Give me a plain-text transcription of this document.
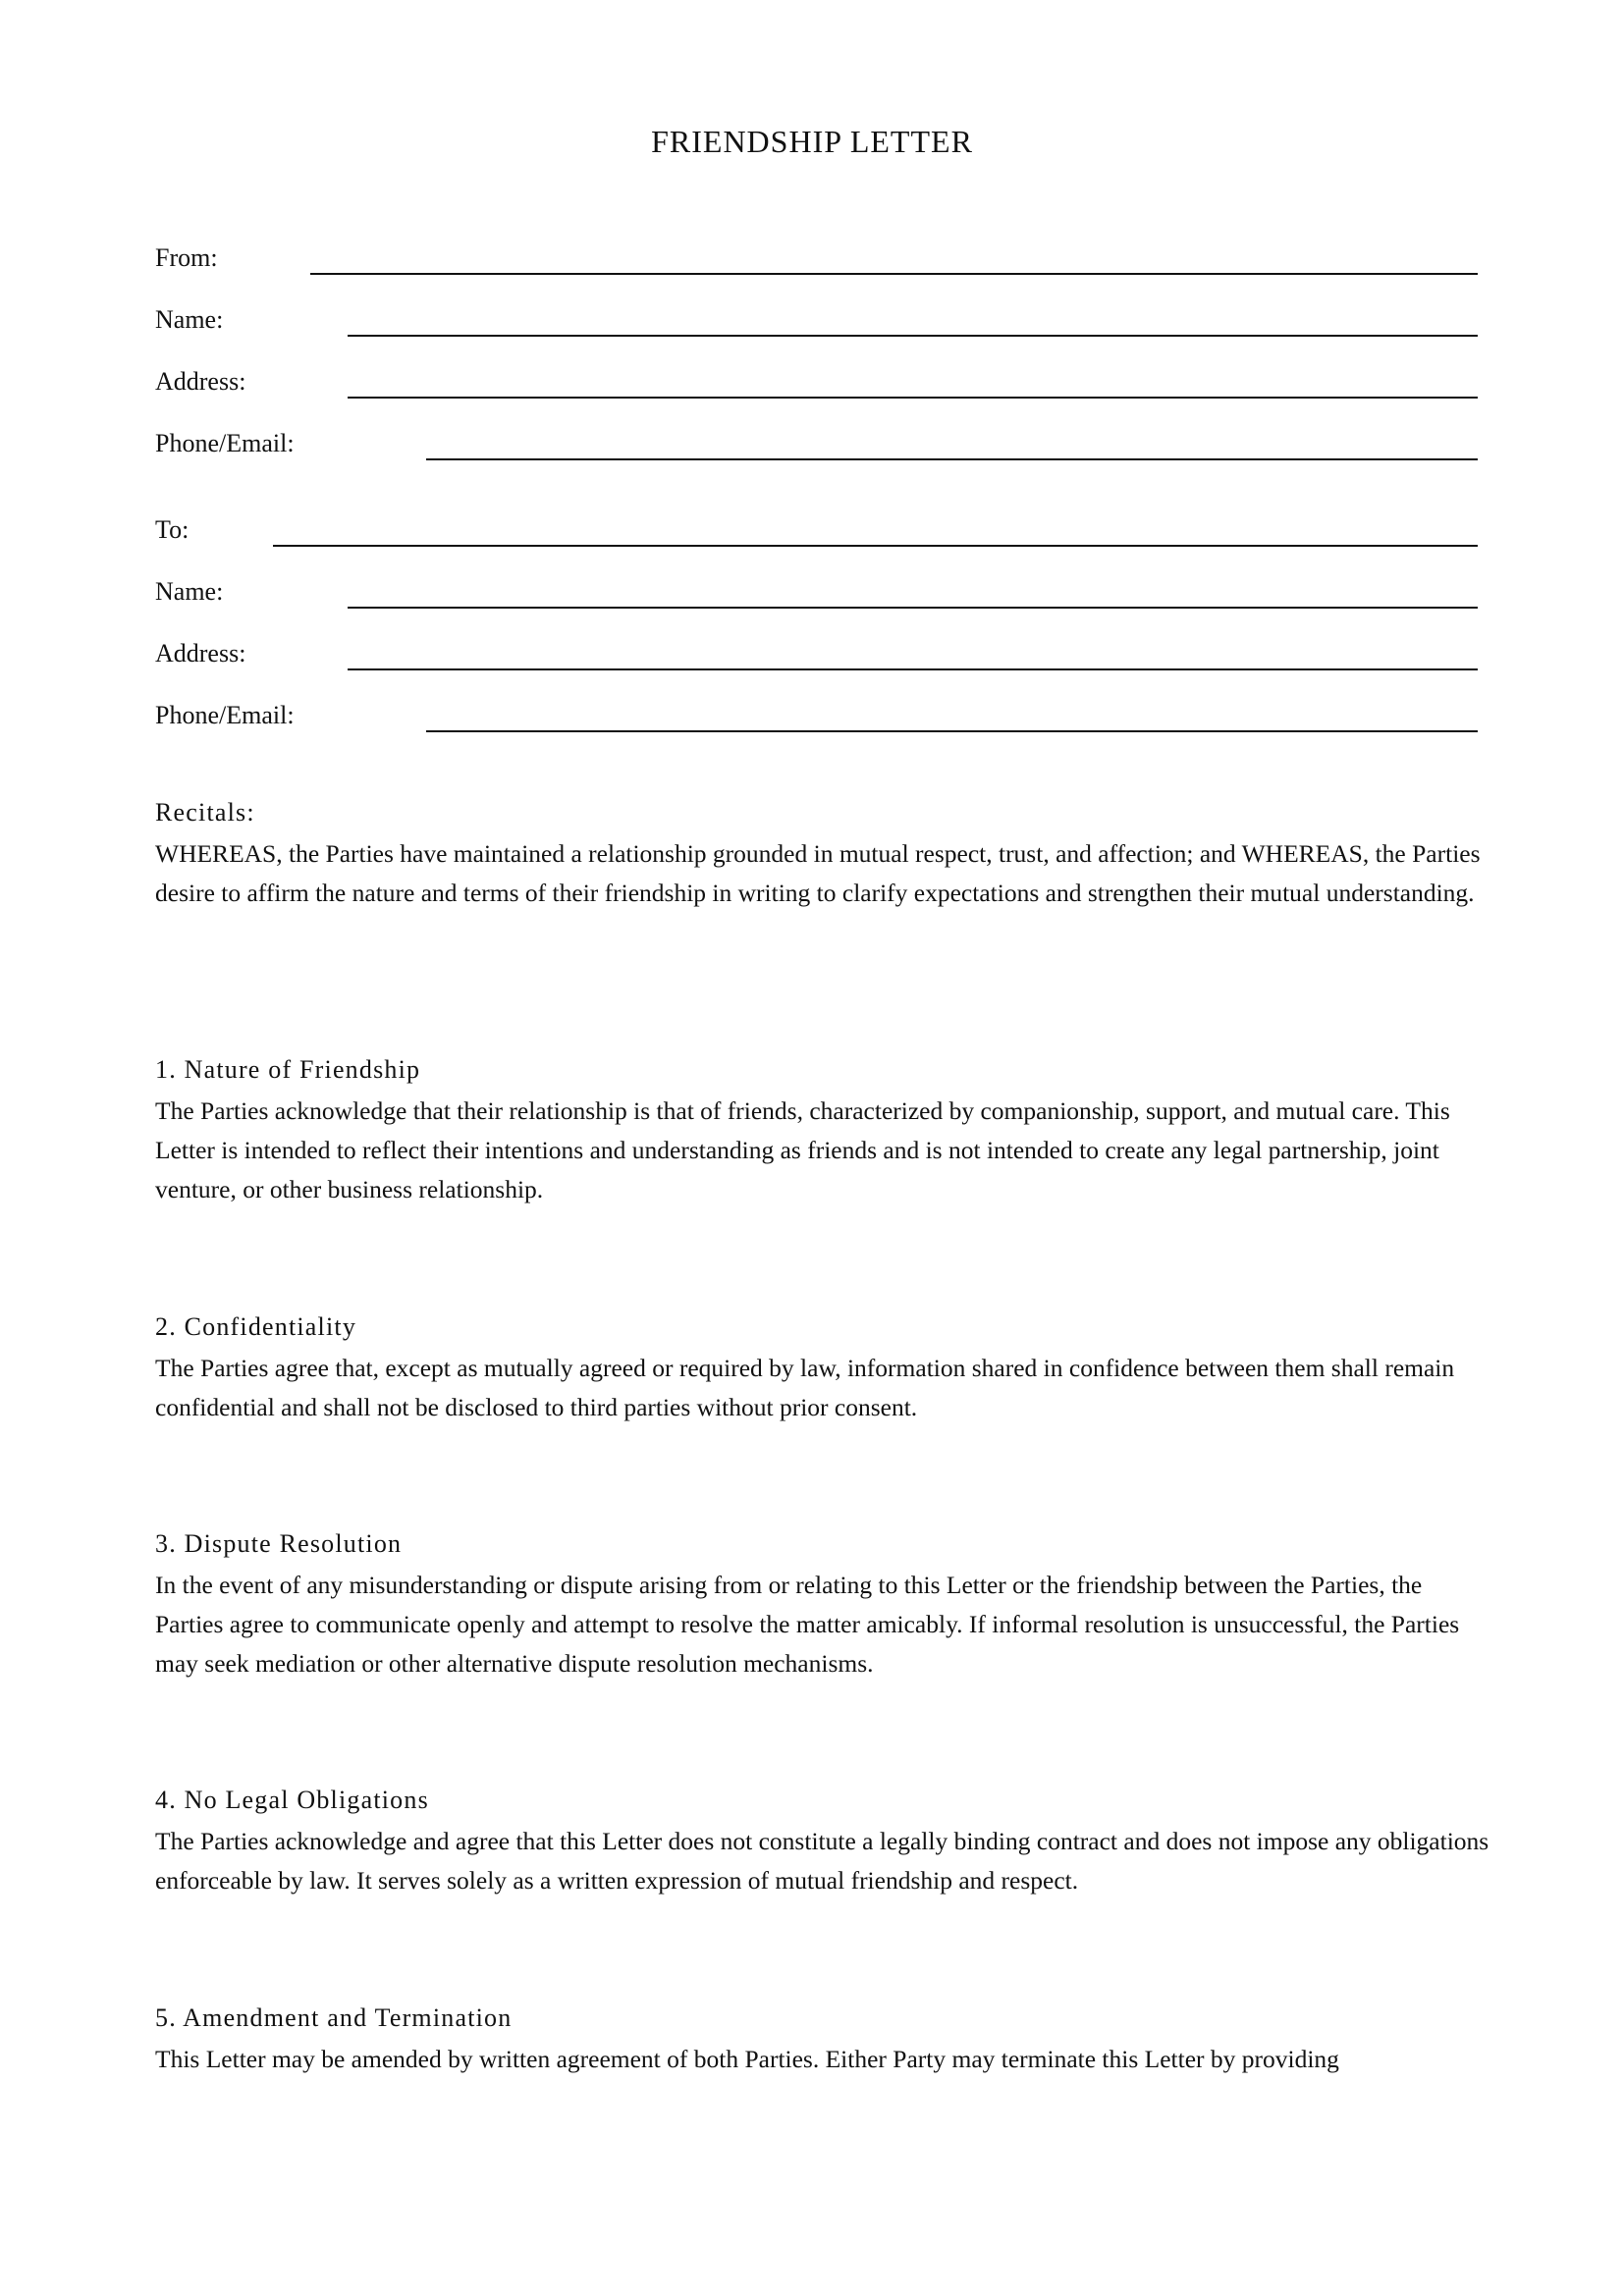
FRIENDSHIP LETTER
From:
Name:
Address:
Phone/Email:
To:
Name:
Address:
Phone/Email:
Recitals:

WHEREAS, the Parties have maintained a relationship grounded in mutual respect, trust, and affection; and WHEREAS, the Parties desire to affirm the nature and terms of their friendship in writing to clarify expectations and strengthen their mutual understanding.

1. Nature of Friendship

The Parties acknowledge that their relationship is that of friends, characterized by companionship, support, and mutual care. This Letter is intended to reflect their intentions and understanding as friends and is not intended to create any legal partnership, joint venture, or other business relationship.

2. Confidentiality

The Parties agree that, except as mutually agreed or required by law, information shared in confidence between them shall remain confidential and shall not be disclosed to third parties without prior consent.

3. Dispute Resolution

In the event of any misunderstanding or dispute arising from or relating to this Letter or the friendship between the Parties, the Parties agree to communicate openly and attempt to resolve the matter amicably. If informal resolution is unsuccessful, the Parties may seek mediation or other alternative dispute resolution mechanisms.

4. No Legal Obligations

The Parties acknowledge and agree that this Letter does not constitute a legally binding contract and does not impose any obligations enforceable by law. It serves solely as a written expression of mutual friendship and respect.

5. Amendment and Termination

This Letter may be amended by written agreement of both Parties. Either Party may terminate this Letter by providing
